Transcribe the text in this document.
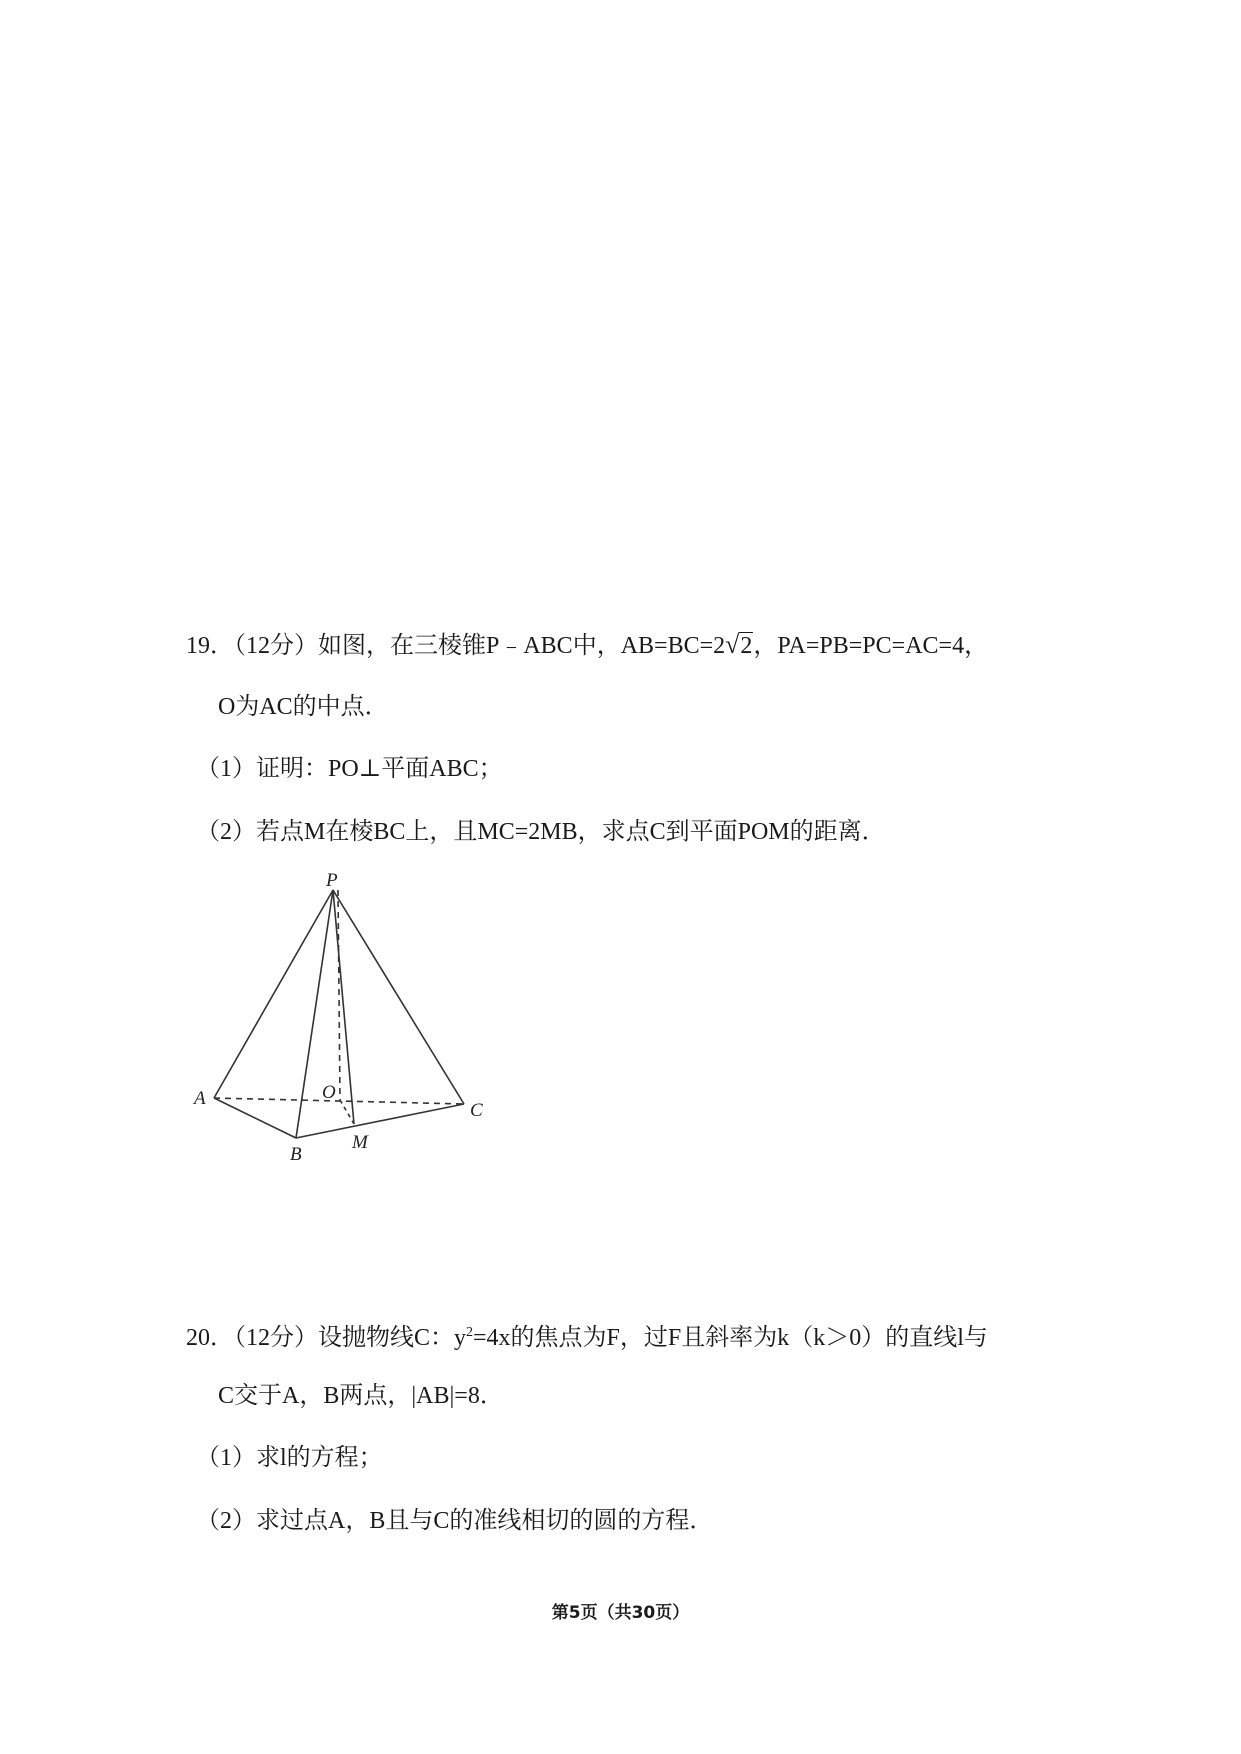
19．（12分）如图，在三棱锥P﹣ABC中，AB=BC=2√2，PA=PB=PC=AC=4，
O为AC的中点．
（1）证明：PO⊥平面ABC；
（2）若点M在棱BC上，且MC=2MB，求点C到平面POM的距离．
P
A
B
C
O
M
20．（12分）设抛物线C：$y^2=4x$的焦点为F，过F且斜率为k（k＞0）的直线l与
C交于A，B两点，|AB|=8．
（1）求l的方程；
（2）求过点A，B且与C的准线相切的圆的方程．
第5页（共30页）
